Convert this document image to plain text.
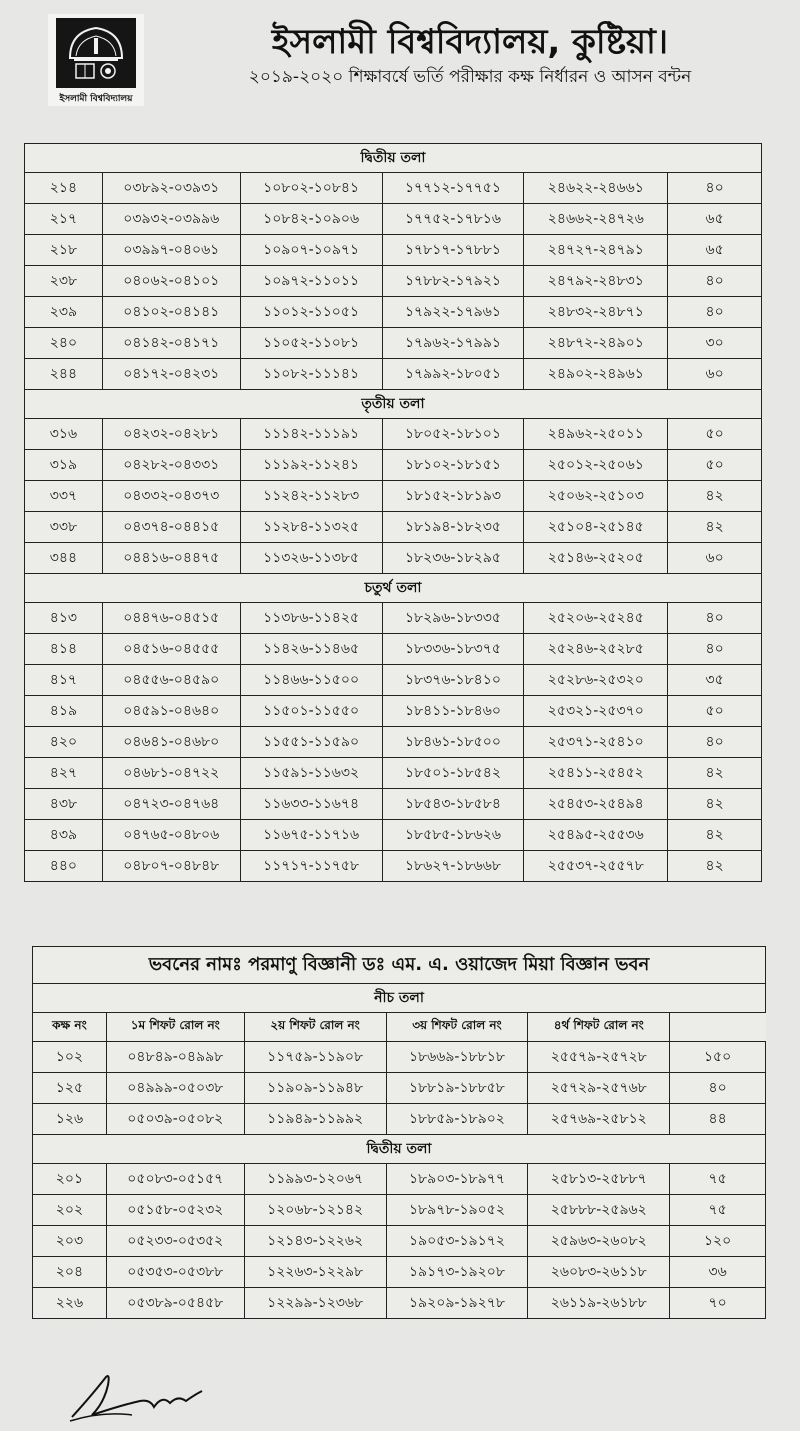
ইসলামী বিশ্ববিদ্যালয়
ইসলামী বিশ্ববিদ্যালয়, কুষ্টিয়া।
২০১৯-২০২০ শিক্ষাবর্ষে ভর্তি পরীক্ষার কক্ষ নির্ধারন ও আসন বন্টন
দ্বিতীয় তলা					
২১৪	০৩৮৯২-০৩৯৩১	১০৮০২-১০৮৪১	১৭৭১২-১৭৭৫১	২৪৬২২-২৪৬৬১	৪০
২১৭	০৩৯৩২-০৩৯৯৬	১০৮৪২-১০৯০৬	১৭৭৫২-১৭৮১৬	২৪৬৬২-২৪৭২৬	৬৫
২১৮	০৩৯৯৭-০৪০৬১	১০৯০৭-১০৯৭১	১৭৮১৭-১৭৮৮১	২৪৭২৭-২৪৭৯১	৬৫
২৩৮	০৪০৬২-০৪১০১	১০৯৭২-১১০১১	১৭৮৮২-১৭৯২১	২৪৭৯২-২৪৮৩১	৪০
২৩৯	০৪১০২-০৪১৪১	১১০১২-১১০৫১	১৭৯২২-১৭৯৬১	২৪৮৩২-২৪৮৭১	৪০
২৪০	০৪১৪২-০৪১৭১	১১০৫২-১১০৮১	১৭৯৬২-১৭৯৯১	২৪৮৭২-২৪৯০১	৩০
২৪৪	০৪১৭২-০৪২৩১	১১০৮২-১১১৪১	১৭৯৯২-১৮০৫১	২৪৯০২-২৪৯৬১	৬০
তৃতীয় তলা					
৩১৬	০৪২৩২-০৪২৮১	১১১৪২-১১১৯১	১৮০৫২-১৮১০১	২৪৯৬২-২৫০১১	৫০
৩১৯	০৪২৮২-০৪৩৩১	১১১৯২-১১২৪১	১৮১০২-১৮১৫১	২৫০১২-২৫০৬১	৫০
৩৩৭	০৪৩৩২-০৪৩৭৩	১১২৪২-১১২৮৩	১৮১৫২-১৮১৯৩	২৫০৬২-২৫১০৩	৪২
৩৩৮	০৪৩৭৪-০৪৪১৫	১১২৮৪-১১৩২৫	১৮১৯৪-১৮২৩৫	২৫১০৪-২৫১৪৫	৪২
৩৪৪	০৪৪১৬-০৪৪৭৫	১১৩২৬-১১৩৮৫	১৮২৩৬-১৮২৯৫	২৫১৪৬-২৫২০৫	৬০
চতুর্থ তলা					
৪১৩	০৪৪৭৬-০৪৫১৫	১১৩৮৬-১১৪২৫	১৮২৯৬-১৮৩৩৫	২৫২০৬-২৫২৪৫	৪০
৪১৪	০৪৫১৬-০৪৫৫৫	১১৪২৬-১১৪৬৫	১৮৩৩৬-১৮৩৭৫	২৫২৪৬-২৫২৮৫	৪০
৪১৭	০৪৫৫৬-০৪৫৯০	১১৪৬৬-১১৫০০	১৮৩৭৬-১৮৪১০	২৫২৮৬-২৫৩২০	৩৫
৪১৯	০৪৫৯১-০৪৬৪০	১১৫০১-১১৫৫০	১৮৪১১-১৮৪৬০	২৫৩২১-২৫৩৭০	৫০
৪২০	০৪৬৪১-০৪৬৮০	১১৫৫১-১১৫৯০	১৮৪৬১-১৮৫০০	২৫৩৭১-২৫৪১০	৪০
৪২৭	০৪৬৮১-০৪৭২২	১১৫৯১-১১৬৩২	১৮৫০১-১৮৫৪২	২৫৪১১-২৫৪৫২	৪২
৪৩৮	০৪৭২৩-০৪৭৬৪	১১৬৩৩-১১৬৭৪	১৮৫৪৩-১৮৫৮৪	২৫৪৫৩-২৫৪৯৪	৪২
৪৩৯	০৪৭৬৫-০৪৮০৬	১১৬৭৫-১১৭১৬	১৮৫৮৫-১৮৬২৬	২৫৪৯৫-২৫৫৩৬	৪২
৪৪০	০৪৮০৭-০৪৮৪৮	১১৭১৭-১১৭৫৮	১৮৬২৭-১৮৬৬৮	২৫৫৩৭-২৫৫৭৮	৪২
ভবনের নামঃ পরমাণু বিজ্ঞানী ডঃ এম. এ. ওয়াজেদ মিয়া বিজ্ঞান ভবন					
নীচ তলা					
কক্ষ নং	১ম শিফট রোল নং	২য় শিফট রোল নং	৩য় শিফট রোল নং	৪র্থ শিফট রোল নং	
১০২	০৪৮৪৯-০৪৯৯৮	১১৭৫৯-১১৯০৮	১৮৬৬৯-১৮৮১৮	২৫৫৭৯-২৫৭২৮	১৫০
১২৫	০৪৯৯৯-০৫০৩৮	১১৯০৯-১১৯৪৮	১৮৮১৯-১৮৮৫৮	২৫৭২৯-২৫৭৬৮	৪০
১২৬	০৫০৩৯-০৫০৮২	১১৯৪৯-১১৯৯২	১৮৮৫৯-১৮৯০২	২৫৭৬৯-২৫৮১২	৪৪
দ্বিতীয় তলা					
২০১	০৫০৮৩-০৫১৫৭	১১৯৯৩-১২০৬৭	১৮৯০৩-১৮৯৭৭	২৫৮১৩-২৫৮৮৭	৭৫
২০২	০৫১৫৮-০৫২৩২	১২০৬৮-১২১৪২	১৮৯৭৮-১৯০৫২	২৫৮৮৮-২৫৯৬২	৭৫
২০৩	০৫২৩৩-০৫৩৫২	১২১৪৩-১২২৬২	১৯০৫৩-১৯১৭২	২৫৯৬৩-২৬০৮২	১২০
২০৪	০৫৩৫৩-০৫৩৮৮	১২২৬৩-১২২৯৮	১৯১৭৩-১৯২০৮	২৬০৮৩-২৬১১৮	৩৬
২২৬	০৫৩৮৯-০৫৪৫৮	১২২৯৯-১২৩৬৮	১৯২০৯-১৯২৭৮	২৬১১৯-২৬১৮৮	৭০
